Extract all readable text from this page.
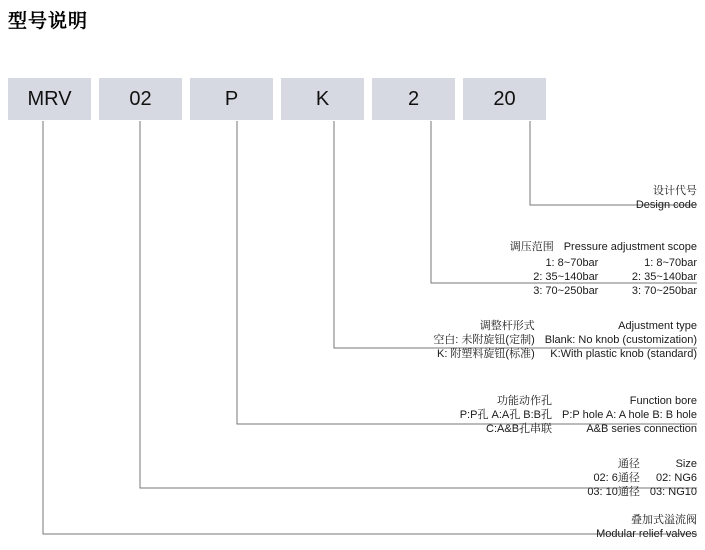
型号说明
MRV	02	P	K	2	20
设计代号
Design code
调压范围 Pressure adjustment scope
1: 8~70bar	1: 8~70bar
2: 35~140bar	2: 35~140bar
3: 70~250bar	3: 70~250bar
调整杆形式	Adjustment type
空白: 未附旋钮(定制) Blank: No knob (customization)
K: 附塑料旋钮(标准) K:With plastic knob (standard)
功能动作孔	Function bore
P:P孔 A:A孔 B:B孔 P:P hole A: A hole B: B hole
C:A&B孔串联	A&B series connection
通径	Size
02: 6通径 02: NG6
03: 10通径 03: NG10
叠加式溢流阀
Modular relief valves
